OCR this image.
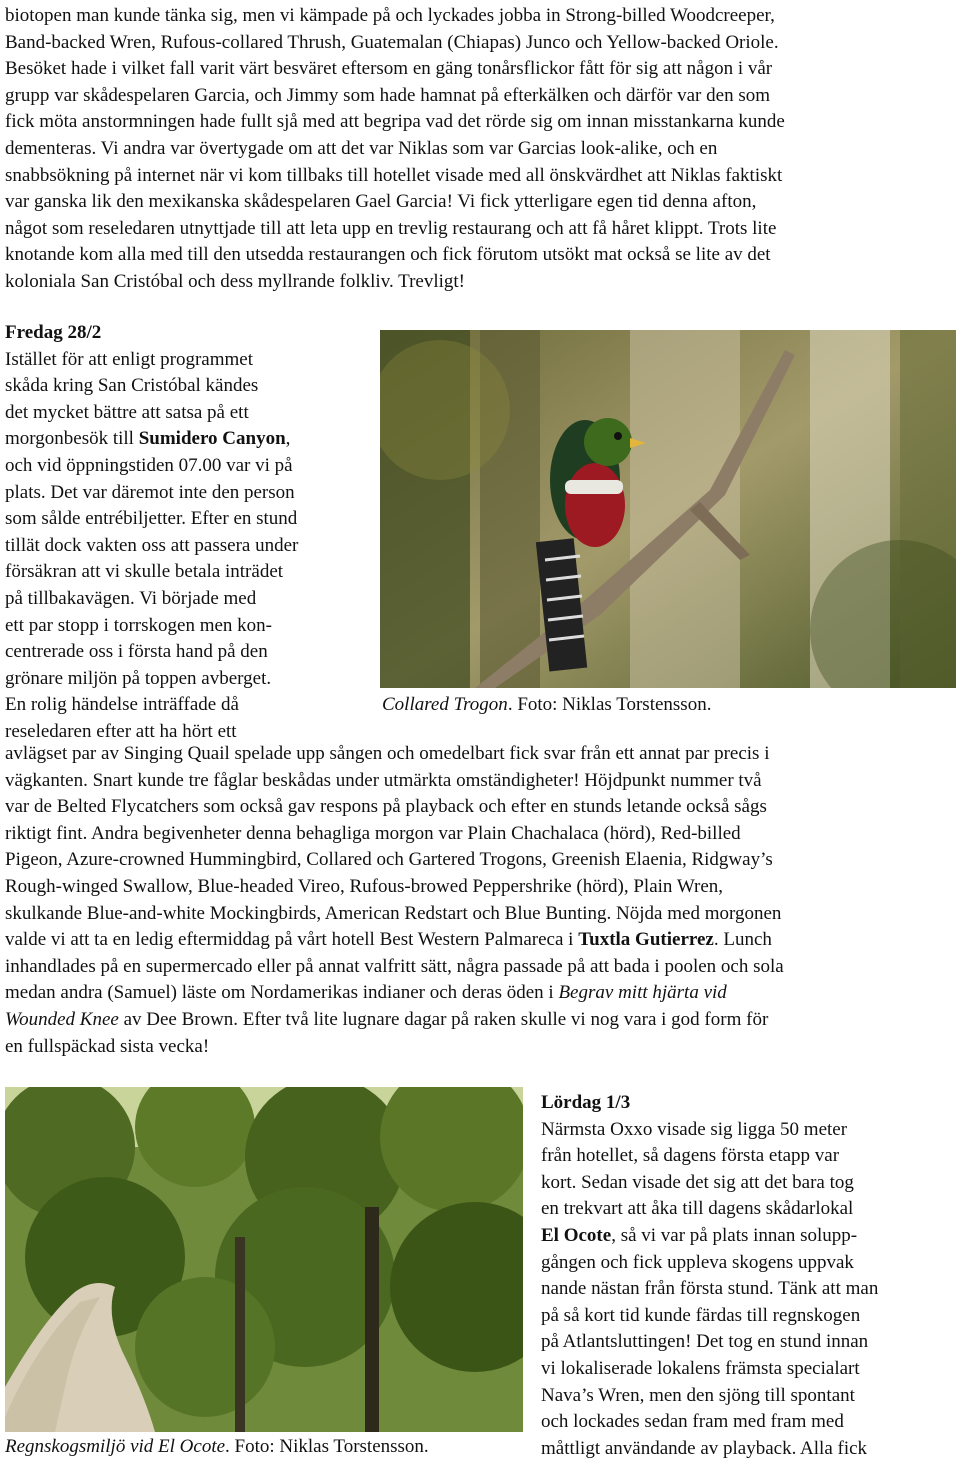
biotopen man kunde tänka sig, men vi kämpade på och lyckades jobba in Strong-billed Woodcreeper,
Band-backed Wren, Rufous-collared Thrush, Guatemalan (Chiapas) Junco och Yellow-backed Oriole.
Besöket hade i vilket fall varit värt besväret eftersom en gäng tonårsflickor fått för sig att någon i vår
grupp var skådespelaren Garcia, och Jimmy som hade hamnat på efterkälken och därför var den som
fick möta anstormningen hade fullt sjå med att begripa vad det rörde sig om innan misstankarna kunde
dementeras. Vi andra var övertygade om att det var Niklas som var Garcias look-alike, och en
snabbsökning på internet när vi kom tillbaks till hotellet visade med all önskvärdhet att Niklas faktiskt
var ganska lik den mexikanska skådespelaren Gael Garcia! Vi fick ytterligare egen tid denna afton,
något som reseledaren utnyttjade till att leta upp en trevlig restaurang och att få håret klippt. Trots lite
knotande kom alla med till den utsedda restaurangen och fick förutom utsökt mat också se lite av det
koloniala San Cristóbal och dess myllrande folkliv. Trevligt!
Fredag 28/2
Istället för att enligt programmet
skåda kring San Cristóbal kändes
det mycket bättre att satsa på ett
morgonbesök till Sumidero Canyon,
och vid öppningstiden 07.00 var vi på
plats. Det var däremot inte den person
som sålde entrébiljetter. Efter en stund
tillät dock vakten oss att passera under
försäkran att vi skulle betala inträdet
på tillbakavägen. Vi började med
ett par stopp i torrskogen men kon-
centrerade oss i första hand på den
grönare miljön på toppen avberget.
En rolig händelse inträffade då
reseledaren efter att ha hört ett
Collared Trogon. Foto: Niklas Torstensson.
avlägset par av Singing Quail spelade upp sången och omedelbart fick svar från ett annat par precis i
vägkanten. Snart kunde tre fåglar beskådas under utmärkta omständigheter! Höjdpunkt nummer två
var de Belted Flycatchers som också gav respons på playback och efter en stunds letande också sågs
riktigt fint. Andra begivenheter denna behagliga morgon var Plain Chachalaca (hörd), Red-billed
Pigeon, Azure-crowned Hummingbird, Collared och Gartered Trogons, Greenish Elaenia, Ridgway’s
Rough-winged Swallow, Blue-headed Vireo, Rufous-browed Peppershrike (hörd), Plain Wren,
skulkande Blue-and-white Mockingbirds, American Redstart och Blue Bunting. Nöjda med morgonen
valde vi att ta en ledig eftermiddag på vårt hotell Best Western Palmareca i Tuxtla Gutierrez. Lunch
inhandlades på en supermercado eller på annat valfritt sätt, några passade på att bada i poolen och sola
medan andra (Samuel) läste om Nordamerikas indianer och deras öden i Begrav mitt hjärta vid
Wounded Knee av Dee Brown. Efter två lite lugnare dagar på raken skulle vi nog vara i god form för
en fullspäckad sista vecka!
Regnskogsmiljö vid El Ocote. Foto: Niklas Torstensson.
Lördag 1/3
Närmsta Oxxo visade sig ligga 50 meter
från hotellet, så dagens första etapp var
kort. Sedan visade det sig att det bara tog
en trekvart att åka till dagens skådarlokal
El Ocote, så vi var på plats innan solupp-
gången och fick uppleva skogens uppvak
nande nästan från första stund. Tänk att man
på så kort tid kunde färdas till regnskogen
på Atlantsluttingen! Det tog en stund innan
vi lokaliserade lokalens främsta specialart
Nava’s Wren, men den sjöng till spontant
och lockades sedan fram med fram med
måttligt användande av playback. Alla fick
